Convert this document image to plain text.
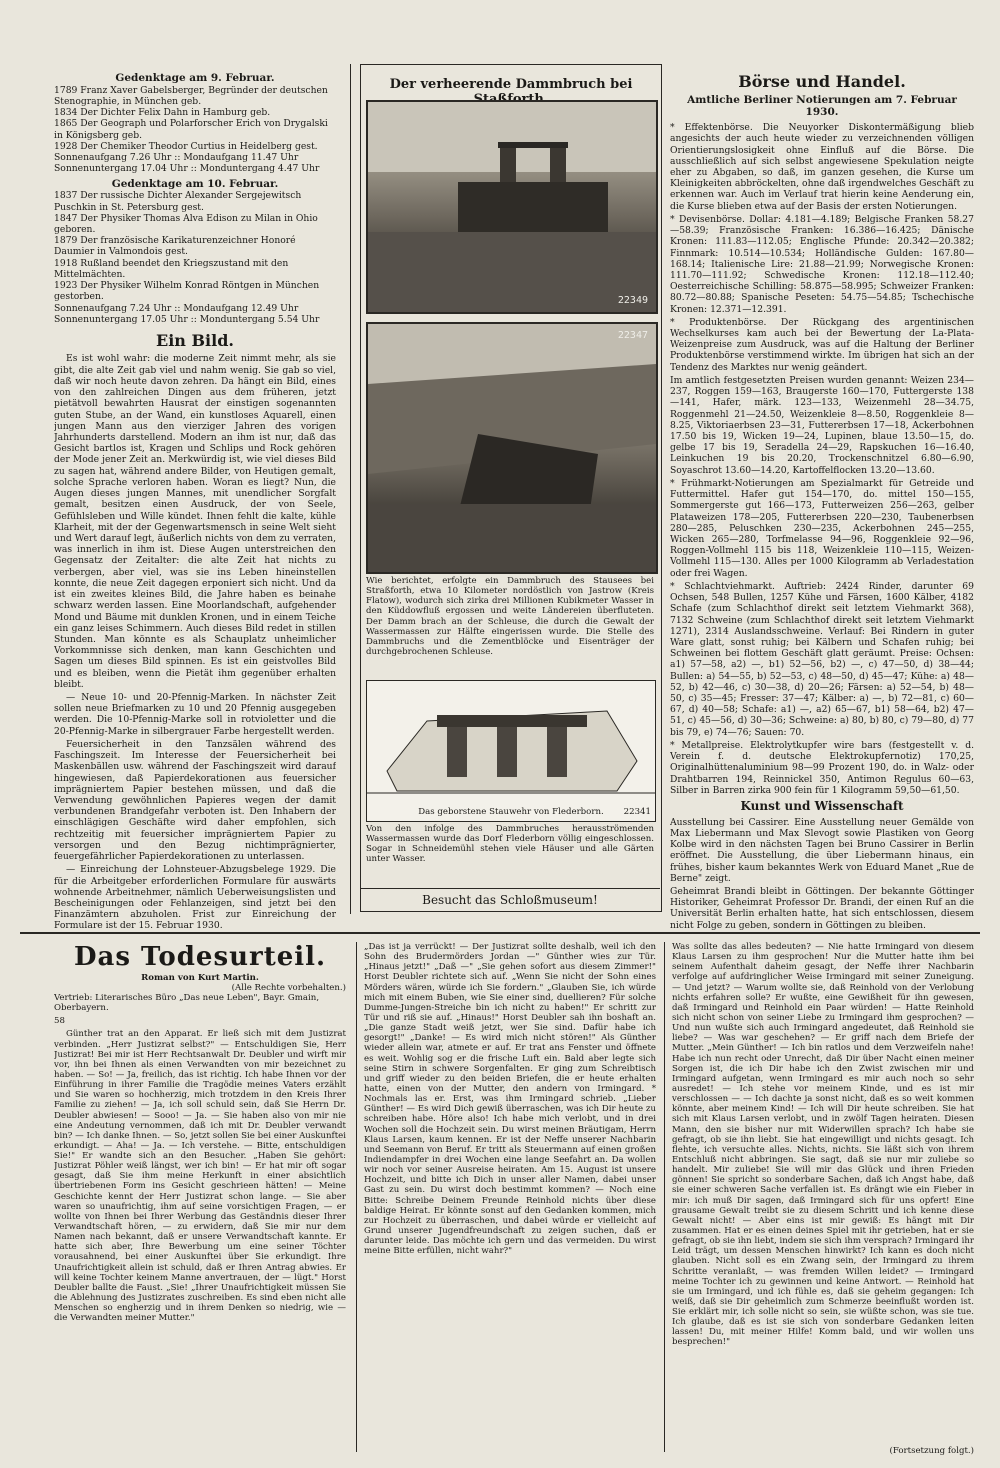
Gedenktage am 9. Februar.
1789 Franz Xaver Gabelsberger, Begründer der deutschen Stenographie, in München geb.
1834 Der Dichter Felix Dahn in Hamburg geb.
1865 Der Geograph und Polarforscher Erich von Drygalski in Königsberg geb.
1928 Der Chemiker Theodor Curtius in Heidelberg gest.
Sonnenaufgang 7.26 Uhr :: Mondaufgang 11.47 Uhr
Sonnenuntergang 17.04 Uhr :: Monduntergang 4.47 Uhr
Gedenktage am 10. Februar.
1837 Der russische Dichter Alexander Sergejewitsch Puschkin in St. Petersburg gest.
1847 Der Physiker Thomas Alva Edison zu Milan in Ohio geboren.
1879 Der französische Karikaturenzeichner Honoré Daumier in Valmondois gest.
1918 Rußland beendet den Kriegszustand mit den Mittelmächten.
1923 Der Physiker Wilhelm Konrad Röntgen in München gestorben.
Sonnenaufgang 7.24 Uhr :: Mondaufgang 12.49 Uhr
Sonnenuntergang 17.05 Uhr :: Monduntergang 5.54 Uhr
Ein Bild.

Es ist wohl wahr: die moderne Zeit nimmt mehr, als sie gibt, die alte Zeit gab viel und nahm wenig. Sie gab so viel, daß wir noch heute davon zehren. Da hängt ein Bild, eines von den zahlreichen Dingen aus dem früheren, jetzt pietätvoll bewahrten Hausrat der einstigen sogenannten guten Stube, an der Wand, ein kunstloses Aquarell, einen jungen Mann aus den vierziger Jahren des vorigen Jahrhunderts darstellend. Modern an ihm ist nur, daß das Gesicht bartlos ist, Kragen und Schlips und Rock gehören der Mode jener Zeit an. Merkwürdig ist, wie viel dieses Bild zu sagen hat, während andere Bilder, von Heutigen gemalt, solche Sprache verloren haben. Woran es liegt? Nun, die Augen dieses jungen Mannes, mit unendlicher Sorgfalt gemalt, besitzen einen Ausdruck, der von Seele, Gefühlsleben und Wille kündet. Ihnen fehlt die kalte, kühle Klarheit, mit der der Gegenwartsmensch in seine Welt sieht und Wert darauf legt, äußerlich nichts von dem zu verraten, was innerlich in ihm ist. Diese Augen unterstreichen den Gegensatz der Zeitalter: die alte Zeit hat nichts zu verbergen, aber viel, was sie ins Leben hineinstellen konnte, die neue Zeit dagegen erponiert sich nicht. Und da ist ein zweites kleines Bild, die Jahre haben es beinahe schwarz werden lassen. Eine Moorlandschaft, aufgehender Mond und Bäume mit dunklen Kronen, und in einem Teiche ein ganz leises Schimmern. Auch dieses Bild redet in stillen Stunden. Man könnte es als Schauplatz unheimlicher Vorkommnisse sich denken, man kann Geschichten und Sagen um dieses Bild spinnen. Es ist ein geistvolles Bild und es bleiben, wenn die Pietät ihm gegenüber erhalten bleibt.

— Neue 10- und 20-Pfennig-Marken. In nächster Zeit sollen neue Briefmarken zu 10 und 20 Pfennig ausgegeben werden. Die 10-Pfennig-Marke soll in rotvioletter und die 20-Pfennig-Marke in silbergrauer Farbe hergestellt werden.

Feuersicherheit in den Tanzsälen während des Faschingszeit. Im Interesse der Feuersicherheit bei Maskenbällen usw. während der Faschingszeit wird darauf hingewiesen, daß Papierdekorationen aus feuersicher imprägniertem Papier bestehen müssen, und daß die Verwendung gewöhnlichen Papieres wegen der damit verbundenen Brandgefahr verboten ist. Den Inhabern der einschlägigen Geschäfte wird daher empfohlen, sich rechtzeitig mit feuersicher imprägniertem Papier zu versorgen und den Bezug nichtimprägnierter, feuergefährlicher Papierdekorationen zu unterlassen.

— Einreichung der Lohnsteuer-Abzugsbelege 1929. Die für die Arbeitgeber erforderlichen Formulare für auswärts wohnende Arbeitnehmer, nämlich Ueberweisungslisten und Bescheinigungen oder Fehlanzeigen, sind jetzt bei den Finanzämtern abzuholen. Frist zur Einreichung der Formulare ist der 15. Februar 1930.

Der verheerende Dammbruch bei
22349
22347
Wie berichtet, erfolgte ein Dammbruch des Stausees bei Straßforth, etwa 10 Kilometer nordöstlich von Jastrow (Kreis Flatow), wodurch sich zirka drei Millionen Kubikmeter Wasser in den Küddowfluß ergossen und weite Ländereien überfluteten. Der Damm brach an der Schleuse, die durch die Gewalt der Wassermassen zur Hälfte eingerissen wurde. Die Stelle des Dammbruchs und die Zementblöcke und Eisenträger der durchgebrochenen Schleuse.
Das geborstene Stauwehr von Flederborn.	22341
Von den infolge des Dammbruches herausströmenden Wassermassen wurde das Dorf Flederborn völlig eingeschlossen. Sogar in Schneidemühl stehen viele Häuser und alle Gärten unter Wasser.
Besucht das Schloßmuseum!
Börse und Handel.
Amtliche Berliner Notierungen am 7. Februar 1930.

* Effektenbörse. Die Neuyorker Diskontermäßigung blieb angesichts der auch heute wieder zu verzeichnenden völligen Orientierungslosigkeit ohne Einfluß auf die Börse. Die ausschließlich auf sich selbst angewiesene Spekulation neigte eher zu Abgaben, so daß, im ganzen gesehen, die Kurse um Kleinigkeiten abbröckelten, ohne daß irgendwelches Geschäft zu erkennen war. Auch im Verlauf trat hierin keine Aenderung ein, die Kurse blieben etwa auf der Basis der ersten Notierungen.

* Devisenbörse. Dollar: 4.181—4.189; Belgische Franken 58.27—58.39; Französische Franken: 16.386—16.425; Dänische Kronen: 111.83—112.05; Englische Pfunde: 20.342—20.382; Finnmark: 10.514—10.534; Holländische Gulden: 167.80—168.14; Italienische Lire: 21.88—21.99; Norwegische Kronen: 111.70—111.92; Schwedische Kronen: 112.18—112.40; Oesterreichische Schilling: 58.875—58.995; Schweizer Franken: 80.72—80.88; Spanische Peseten: 54.75—54.85; Tschechische Kronen: 12.371—12.391.

* Produktenbörse. Der Rückgang des argentinischen Wechselkurses kam auch bei der Bewertung der La-Plata-Weizenpreise zum Ausdruck, was auf die Haltung der Berliner Produktenbörse verstimmend wirkte. Im übrigen hat sich an der Tendenz des Marktes nur wenig geändert.

Im amtlich festgesetzten Preisen wurden genannt: Weizen 234—237, Roggen 159—163, Braugerste 160—170, Futtergerste 138—141, Hafer, märk. 123—133, Weizenmehl 28—34.75, Roggenmehl 21—24.50, Weizenkleie 8—8.50, Roggenkleie 8—8.25, Viktoriaerbsen 23—31, Futtererbsen 17—18, Ackerbohnen 17.50 bis 19, Wicken 19—24, Lupinen, blaue 13.50—15, do. gelbe 17 bis 19, Seradella 24—29, Rapskuchen 16—16.40, Leinkuchen 19 bis 20.20, Trockenschnitzel 6.80—6.90, Soyaschrot 13.60—14.20, Kartoffelflocken 13.20—13.60.

* Frühmarkt-Notierungen am Spezialmarkt für Getreide und Futtermittel. Hafer gut 154—170, do. mittel 150—155, Sommergerste gut 166—173, Futterweizen 256—263, gelber Plataweizen 178—205, Futtererbsen 220—230, Taubenerbsen 280—285, Peluschken 230—235, Ackerbohnen 245—255, Wicken 265—280, Torfmelasse 94—96, Roggenkleie 92—96, Roggen-Vollmehl 115 bis 118, Weizenkleie 110—115, Weizen-Vollmehl 115—130. Alles per 1000 Kilogramm ab Verladestation oder frei Wagen.

* Schlachtviehmarkt. Auftrieb: 2424 Rinder, darunter 69 Ochsen, 548 Bullen, 1257 Kühe und Färsen, 1600 Kälber, 4182 Schafe (zum Schlachthof direkt seit letztem Viehmarkt 368), 7132 Schweine (zum Schlachthof direkt seit letztem Viehmarkt 1271), 2314 Auslandsschweine. Verlauf: Bei Rindern in guter Ware glatt, sonst ruhig; bei Kälbern und Schafen ruhig; bei Schweinen bei flottem Geschäft glatt geräumt. Preise: Ochsen: a1) 57—58, a2) —, b1) 52—56, b2) —, c) 47—50, d) 38—44; Bullen: a) 54—55, b) 52—53, c) 48—50, d) 45—47; Kühe: a) 48—52, b) 42—46, c) 30—38, d) 20—26; Färsen: a) 52—54, b) 48—50, c) 35—45; Fresser: 37—47; Kälber: a) —, b) 72—81, c) 60—67, d) 40—58; Schafe: a1) —, a2) 65—67, b1) 58—64, b2) 47—51, c) 45—56, d) 30—36; Schweine: a) 80, b) 80, c) 79—80, d) 77 bis 79, e) 74—76; Sauen: 70.

* Metallpreise. Elektrolytkupfer wire bars (festgestellt v. d. Verein f. d. deutsche Elektrokupfernotiz) 170,25, Originalhüttenaluminium 98—99 Prozent 190, do. in Walz- oder Drahtbarren 194, Reinnickel 350, Antimon Regulus 60—63, Silber in Barren zirka 900 fein für 1 Kilogramm 59,50—61,50.

Kunst und Wissenschaft

Ausstellung bei Cassirer. Eine Ausstellung neuer Gemälde von Max Liebermann und Max Slevogt sowie Plastiken von Georg Kolbe wird in den nächsten Tagen bei Bruno Cassirer in Berlin eröffnet. Die Ausstellung, die über Liebermann hinaus, ein frühes, bisher kaum bekanntes Werk von Eduard Manet „Rue de Berne" zeigt.

Geheimrat Brandi bleibt in Göttingen. Der bekannte Göttinger Historiker, Geheimrat Professor Dr. Brandi, der einen Ruf an die Universität Berlin erhalten hatte, hat sich entschlossen, diesem nicht Folge zu geben, sondern in Göttingen zu bleiben.

Das Todesurteil.
Roman von Kurt Martin.
(Alle Rechte vorbehalten.)
Vertrieb: Literarisches Büro „Das neue Leben", Bayr. Gmain, Oberbayern.
58

Günther trat an den Apparat. Er ließ sich mit dem Justizrat verbinden. „Herr Justizrat selbst?" — Entschuldigen Sie, Herr Justizrat! Bei mir ist Herr Rechtsanwalt Dr. Deubler und wirft mir vor, ihn bei Ihnen als einen Verwandten von mir bezeichnet zu haben. — So! — Ja, freilich, das ist richtig. Ich habe Ihnen vor der Einführung in ihrer Familie die Tragödie meines Vaters erzählt und Sie waren so hochherzig, mich trotzdem in den Kreis Ihrer Familie zu ziehen! — Ja, ich soll schuld sein, daß Sie Herrn Dr. Deubler abwiesen! — Sooo! — Ja. — Sie haben also von mir nie eine Andeutung vernommen, daß ich mit Dr. Deubler verwandt bin? — Ich danke Ihnen. — So, jetzt sollen Sie bei einer Auskunftei erkundigt. — Aha! — Ja. — Ich verstehe. — Bitte, entschuldigen Sie!" Er wandte sich an den Besucher. „Haben Sie gehört: Justizrat Pöhler weiß längst, wer ich bin! — Er hat mir oft sogar gesagt, daß Sie ihm meine Herkunft in einer absichtlich übertriebenen Form ins Gesicht geschrieen hätten! — Meine Geschichte kennt der Herr Justizrat schon lange. — Sie aber waren so unaufrichtig, ihm auf seine vorsichtigen Fragen, — er wollte von Ihnen bei Ihrer Werbung das Geständnis dieser Ihrer Verwandtschaft hören, — zu erwidern, daß Sie mir nur dem Namen nach bekannt, daß er unsere Verwandtschaft kannte. Er hatte sich aber, Ihre Bewerbung um eine seiner Töchter vorausahnend, bei einer Auskunftei über Sie erkundigt. Ihre Unaufrichtigkeit allein ist schuld, daß er Ihren Antrag abwies. Er will keine Tochter keinem Manne anvertrauen, der — lügt." Horst Deubler ballte die Faust. „Sie! „Ihrer Unaufrichtigkeit müssen Sie die Ablehnung des Justizrates zuschreiben. Es sind eben nicht alle Menschen so engherzig und in ihrem Denken so niedrig, wie — die Verwandten meiner Mutter."

„Das ist ja verrückt! — Der Justizrat sollte deshalb, weil ich den Sohn des Brudermörders Jordan —" Günther wies zur Tür. „Hinaus jetzt!" „Daß —" „Sie gehen sofort aus diesem Zimmer!" Horst Deubler richtete sich auf. „Wenn Sie nicht der Sohn eines Mörders wären, würde ich Sie fordern." „Glauben Sie, ich würde mich mit einem Buben, wie Sie einer sind, duellieren? Für solche Dumme-Jungen-Streiche bin ich nicht zu haben!" Er schritt zur Tür und riß sie auf. „Hinaus!" Horst Deubler sah ihn boshaft an. „Die ganze Stadt weiß jetzt, wer Sie sind. Dafür habe ich gesorgt!" „Danke! — Es wird mich nicht stören!" Als Günther wieder allein war, atmete er auf. Er trat ans Fenster und öffnete es weit. Wohlig sog er die frische Luft ein. Bald aber legte sich seine Stirn in schwere Sorgenfalten. Er ging zum Schreibtisch und griff wieder zu den beiden Briefen, die er heute erhalten hatte, einen von der Mutter, den andern von Irmingard. * Nochmals las er. Erst, was ihm Irmingard schrieb. „Lieber Günther! — Es wird Dich gewiß überraschen, was ich Dir heute zu schreiben habe. Höre also! Ich habe mich verlobt, und in drei Wochen soll die Hochzeit sein. Du wirst meinen Bräutigam, Herrn Klaus Larsen, kaum kennen. Er ist der Neffe unserer Nachbarin und Seemann von Beruf. Er tritt als Steuermann auf einen großen Indiendampfer in drei Wochen eine lange Seefahrt an. Da wollen wir noch vor seiner Ausreise heiraten. Am 15. August ist unsere Hochzeit, und bitte ich Dich in unser aller Namen, dabei unser Gast zu sein. Du wirst doch bestimmt kommen? — Noch eine Bitte: Schreibe Deinem Freunde Reinhold nichts über diese baldige Heirat. Er könnte sonst auf den Gedanken kommen, mich zur Hochzeit zu überraschen, und dabei würde er vielleicht auf Grund unserer Jugendfreundschaft zu zeigen suchen, daß er darunter leide. Das möchte ich gern und das vermeiden. Du wirst meine Bitte erfüllen, nicht wahr?"
Was sollte das alles bedeuten? — Nie hatte Irmingard von diesem Klaus Larsen zu ihm gesprochen! Nur die Mutter hatte ihm bei seinem Aufenthalt daheim gesagt, der Neffe ihrer Nachbarin verfolge auf aufdringlicher Weise Irmingard mit seiner Zuneigung. — Und jetzt? — Warum wollte sie, daß Reinhold von der Verlobung nichts erfahren solle? Er wußte, eine Gewißheit für ihn gewesen, daß Irmingard und Reinhold ein Paar würden! — Hatte Reinhold sich nicht schon von seiner Liebe zu Irmingard ihm gesprochen? — Und nun wußte sich auch Irmingard angedeutet, daß Reinhold sie liebe? — Was war geschehen? — Er griff nach dem Briefe der Mutter. „Mein Günther! — Ich bin ratlos und dem Verzweifeln nahe! Habe ich nun recht oder Unrecht, daß Dir über Nacht einen meiner Sorgen ist, die ich Dir habe ich den Zwist zwischen mir und Irmingard aufgetan, wenn Irmingard es mir auch noch so sehr ausredet! — Ich stehe vor meinem Kinde, und es ist mir verschlossen — — Ich dachte ja sonst nicht, daß es so weit kommen könnte, aber meinem Kind! — Ich will Dir heute schreiben. Sie hat sich mit Klaus Larsen verlobt, und in zwölf Tagen heiraten. Diesen Mann, den sie bisher nur mit Widerwillen sprach? Ich habe sie gefragt, ob sie ihn liebt. Sie hat eingewilligt und nichts gesagt. Ich flehte, ich versuchte alles. Nichts, nichts. Sie läßt sich von ihrem Entschluß nicht abbringen. Sie sagt, daß sie nur mir zuliebe so handelt. Mir zuliebe! Sie will mir das Glück und ihren Frieden gönnen! Sie spricht so sonderbare Sachen, daß ich Angst habe, daß sie einer schweren Sache verfallen ist. Es drängt wie ein Fieber in mir: ich muß Dir sagen, daß Irmingard sich für uns opfert! Eine grausame Gewalt treibt sie zu diesem Schritt und ich kenne diese Gewalt nicht! — Aber eins ist mir gewiß: Es hängt mit Dir zusammen. Hat er es einen deines Spiel mit ihr getrieben, hat er sie gefragt, ob sie ihn liebt, indem sie sich ihm versprach? Irmingard ihr Leid trägt, um dessen Menschen hinwirkt? Ich kann es doch nicht glauben. Nicht soll es ein Zwang sein, der Irmingard zu ihrem Schritte veranlaßt, — was fremden Willen leidet? — Irmingard meine Tochter ich zu gewinnen und keine Antwort. — Reinhold hat sie um Irmingard, und ich fühle es, daß sie geheim gegangen: Ich weiß, daß sie Dir geheimlich zum Schmerze beeinflußt worden ist. Sie erklärt mir, ich solle nicht so sein, sie wüßte schon, was sie tue. Ich glaube, daß es ist sie sich von sonderbare Gedanken leiten lassen! Du, mit meiner Hilfe! Komm bald, und wir wollen uns besprechen!"
(Fortsetzung folgt.)
